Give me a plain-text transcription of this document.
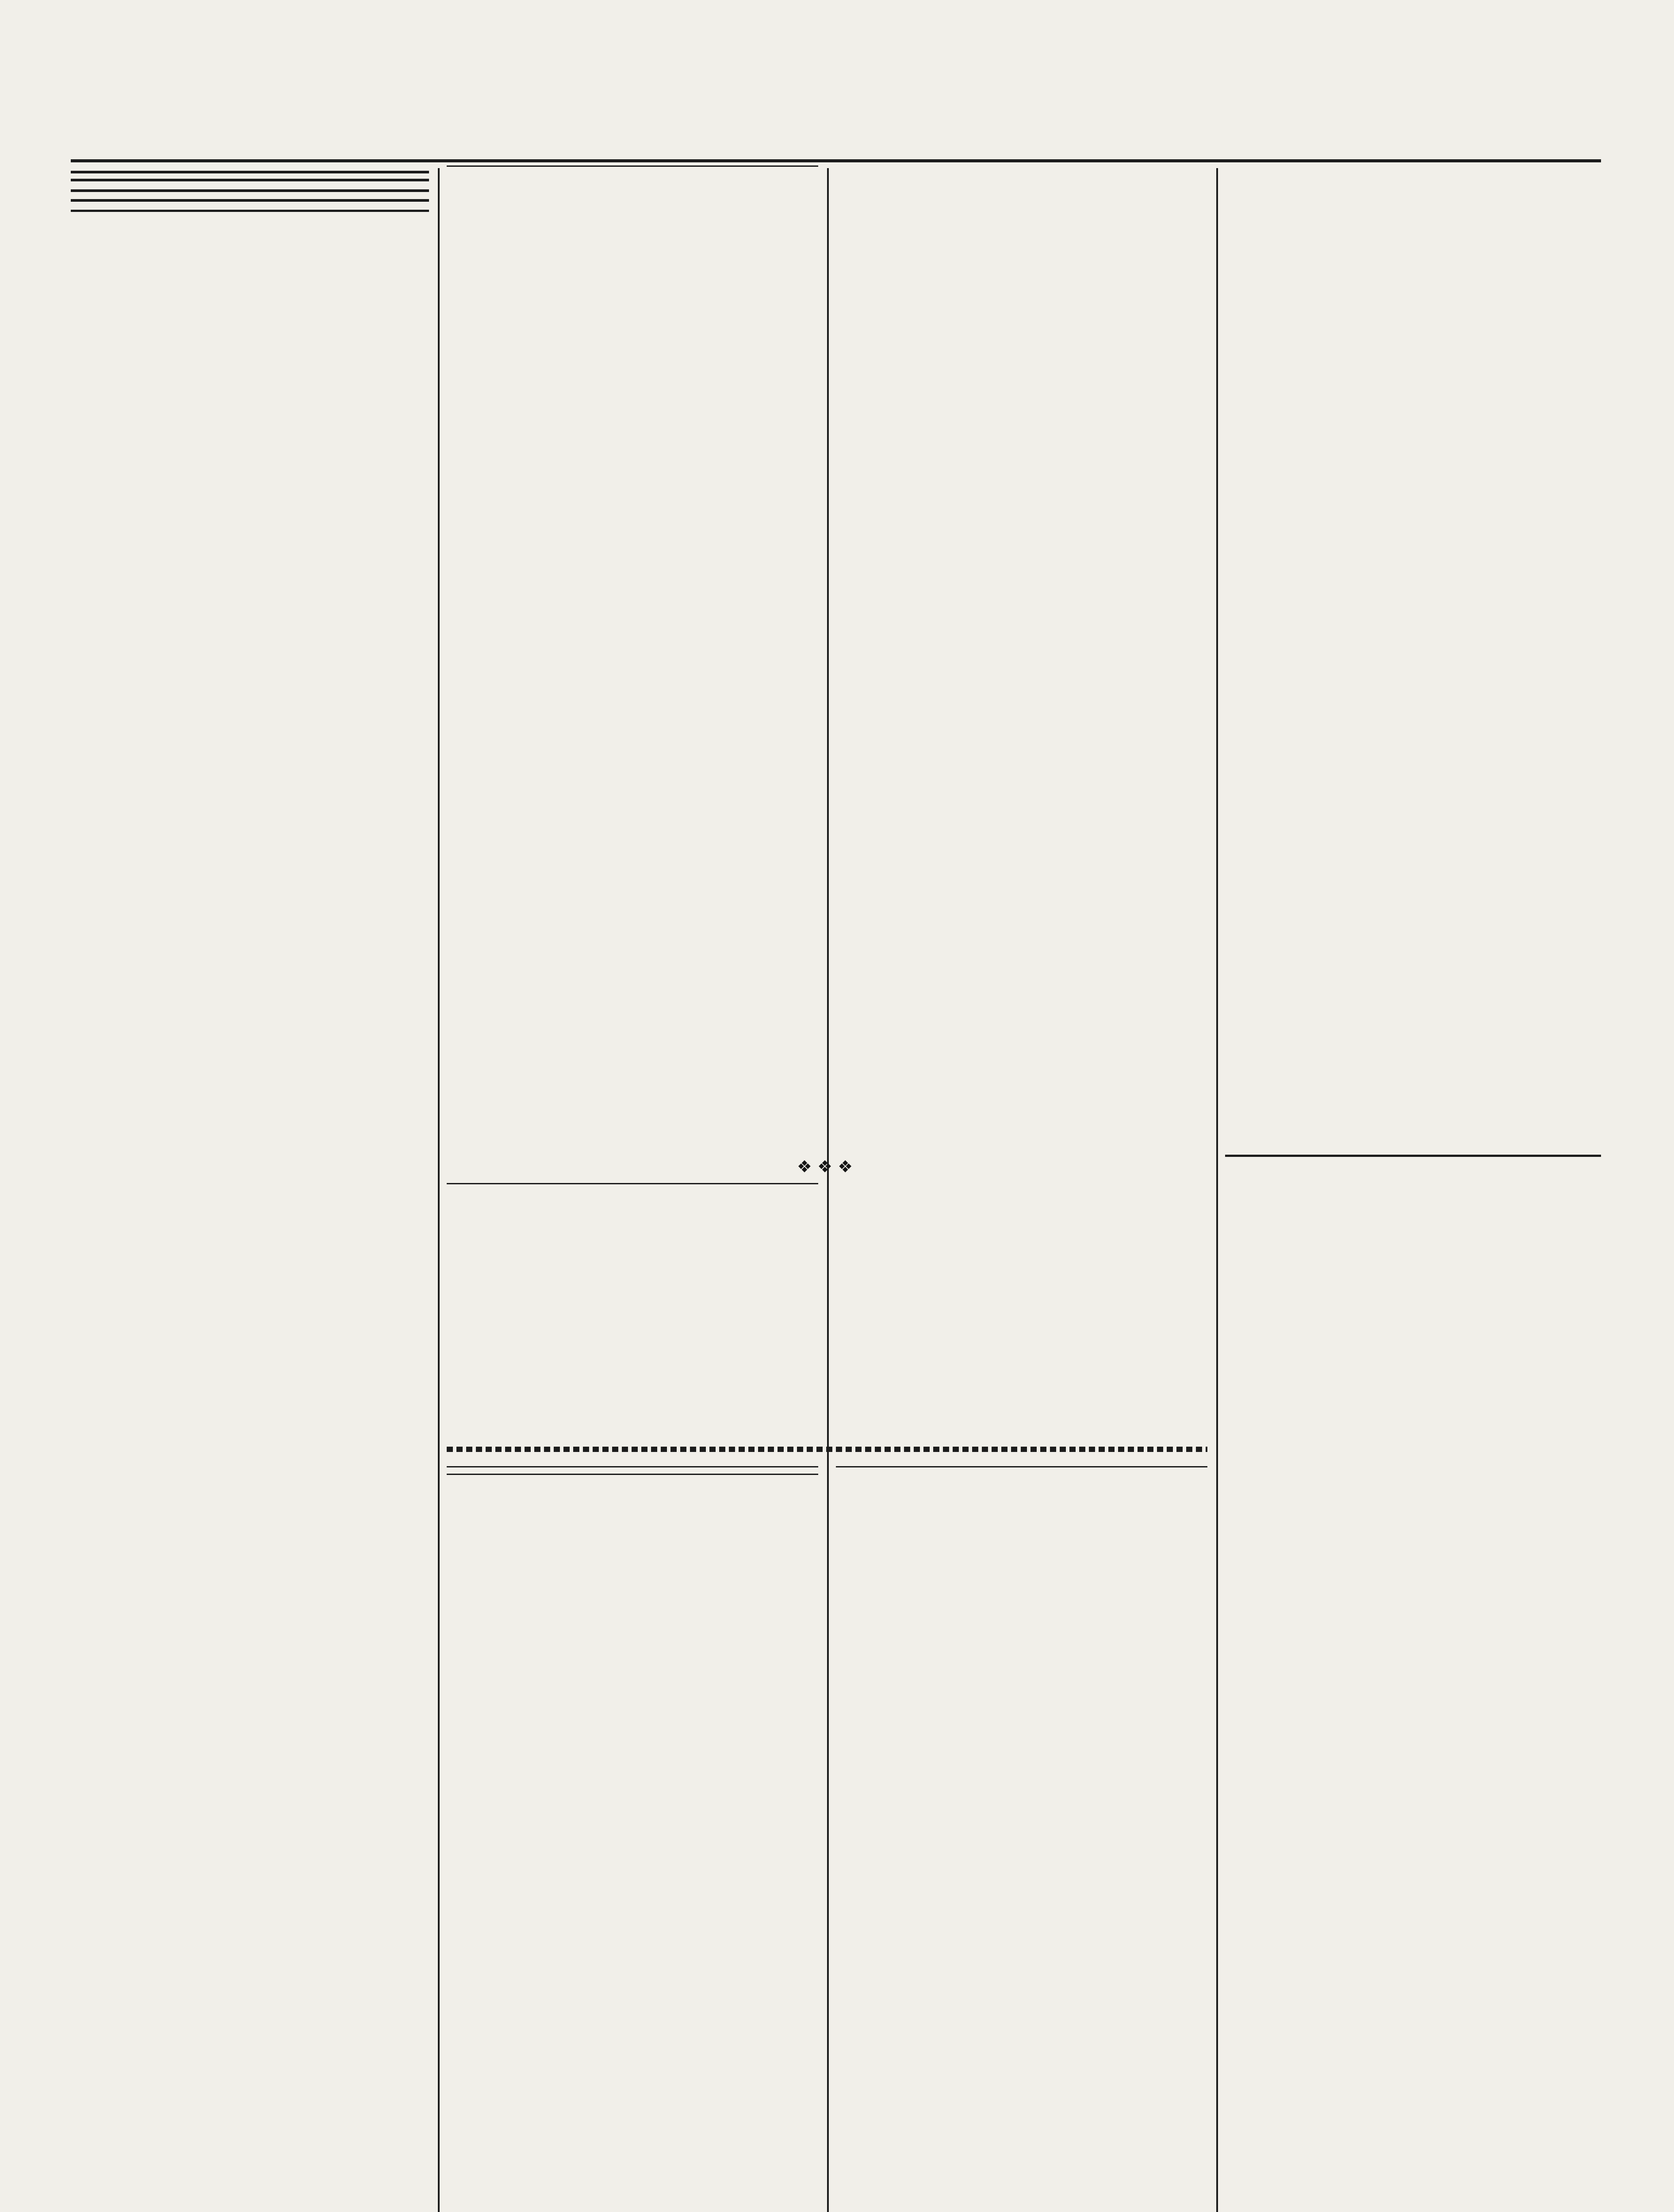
❖ ❖ ❖
